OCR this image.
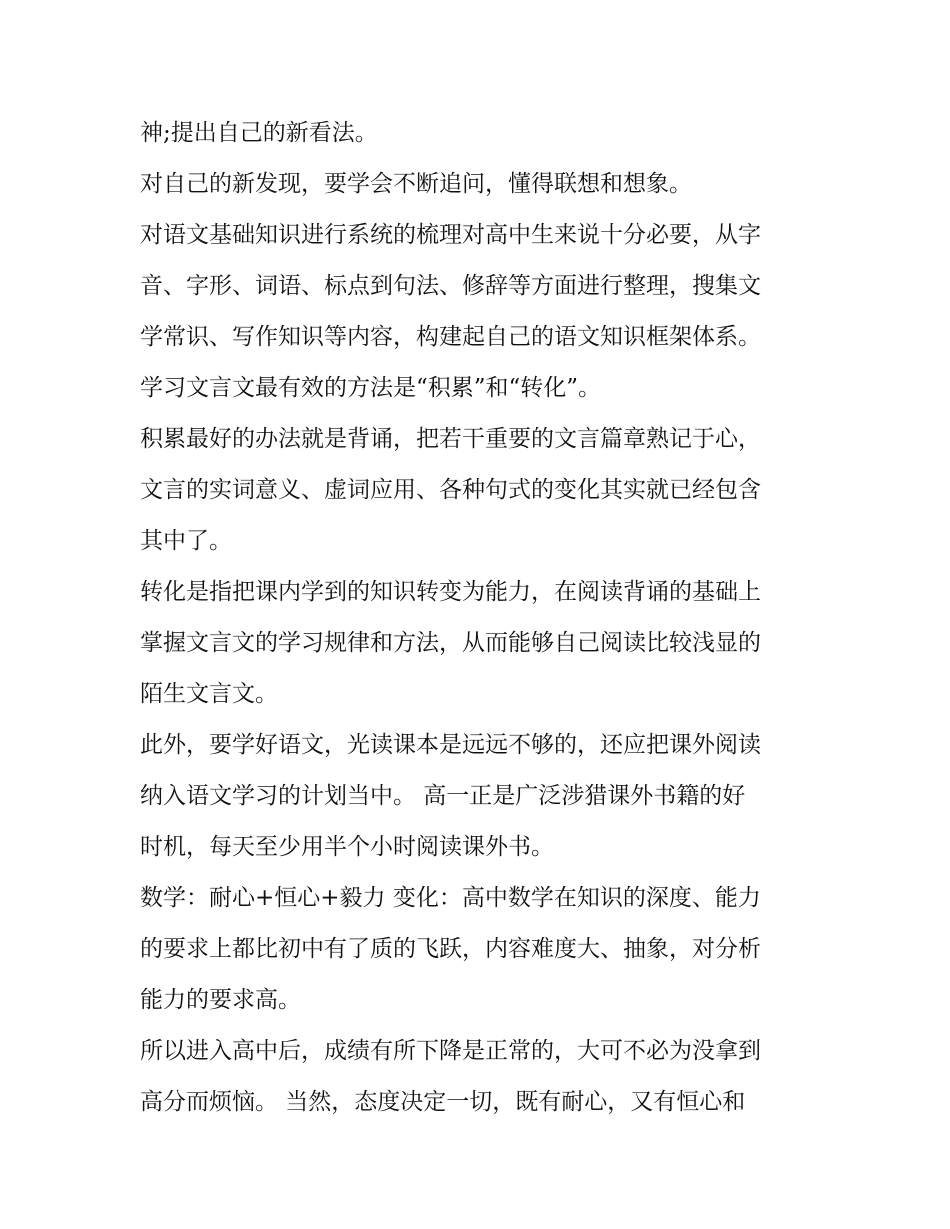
神;提出自己的新看法。

对自己的新发现，要学会不断追问，懂得联想和想象。

对语文基础知识进行系统的梳理对高中生来说十分必要，从字

音、字形、词语、标点到句法、修辞等方面进行整理，搜集文

学常识、写作知识等内容，构建起自己的语文知识框架体系。

学习文言文最有效的方法是“积累”和“转化”。

积累最好的办法就是背诵，把若干重要的文言篇章熟记于心，

文言的实词意义、虚词应用、各种句式的变化其实就已经包含

其中了。

转化是指把课内学到的知识转变为能力，在阅读背诵的基础上

掌握文言文的学习规律和方法，从而能够自己阅读比较浅显的

陌生文言文。

此外，要学好语文，光读课本是远远不够的，还应把课外阅读

纳入语文学习的计划当中。 高一正是广泛涉猎课外书籍的好

时机，每天至少用半个小时阅读课外书。

数学：耐心+恒心+毅力 变化：高中数学在知识的深度、能力

的要求上都比初中有了质的飞跃，内容难度大、抽象，对分析

能力的要求高。

所以进入高中后，成绩有所下降是正常的，大可不必为没拿到

高分而烦恼。 当然，态度决定一切，既有耐心，又有恒心和
